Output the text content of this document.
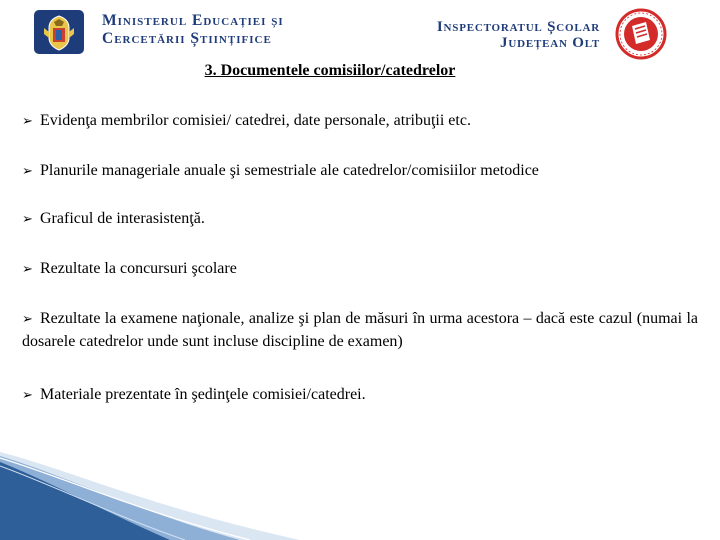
Ministerul Educației și
Cercetării Științifice
Inspectoratul Școlar
Județean Olt
3. Documentele comisiilor/catedrelor
➢ Evidenţa membrilor comisiei/ catedrei, date personale, atribuţii etc.
➢ Planurile manageriale anuale şi semestriale ale catedrelor/comisiilor metodice
➢ Graficul de interasistenţă.
➢ Rezultate la concursuri şcolare
➢ Rezultate la examene naţionale, analize şi plan de măsuri în urma acestora – dacă este cazul (numai la dosarele catedrelor unde sunt incluse discipline de examen)
➢ Materiale prezentate în şedinţele comisiei/catedrei.
